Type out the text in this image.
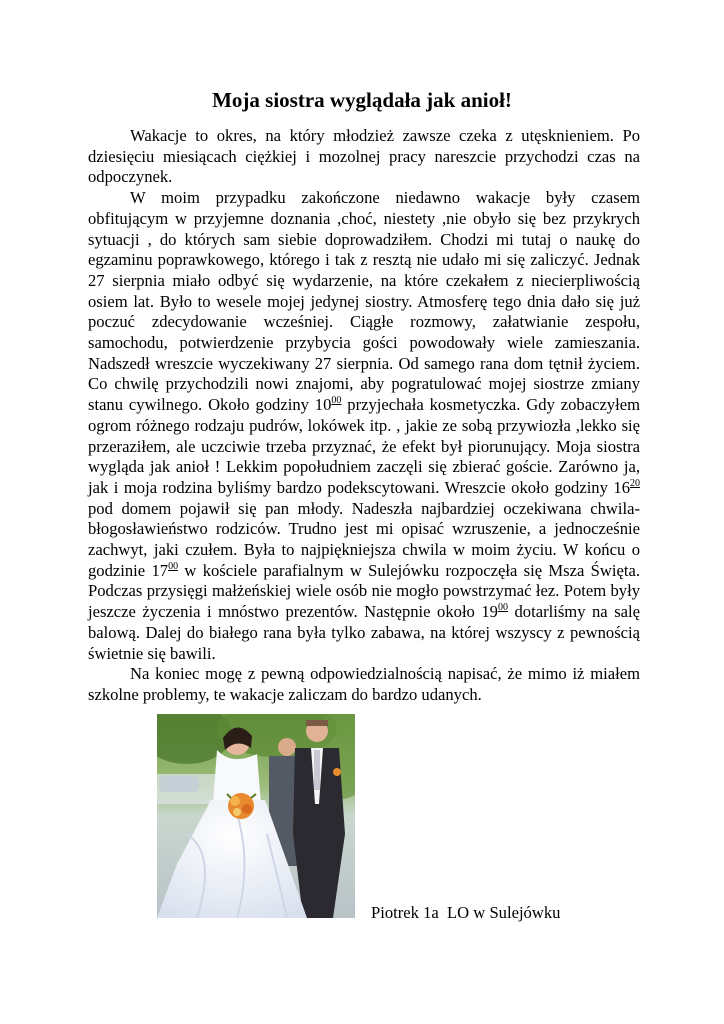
Moja siostra wyglądała jak anioł!

Wakacje to okres, na który młodzież zawsze czeka z utęsknieniem. Po dziesięciu miesiącach ciężkiej i mozolnej pracy nareszcie przychodzi czas na odpoczynek.

W moim przypadku zakończone niedawno wakacje były czasem obfitującym w przyjemne doznania ,choć, niestety ,nie obyło się bez przykrych sytuacji , do których sam siebie doprowadziłem. Chodzi mi tutaj o naukę do egzaminu poprawkowego, którego i tak z resztą nie udało mi się zaliczyć. Jednak 27 sierpnia miało odbyć się wydarzenie, na które czekałem z niecierpliwością osiem lat. Było to wesele mojej jedynej siostry. Atmosferę tego dnia dało się już poczuć zdecydowanie wcześniej. Ciągłe rozmowy, załatwianie zespołu, samochodu, potwierdzenie przybycia gości powodowały wiele zamieszania. Nadszedł wreszcie wyczekiwany 27 sierpnia. Od samego rana dom tętnił życiem. Co chwilę przychodzili nowi znajomi, aby pogratulować mojej siostrze zmiany stanu cywilnego. Około godziny $10^{00}$ przyjechała kosmetyczka. Gdy zobaczyłem ogrom różnego rodzaju pudrów, lokówek itp. , jakie ze sobą przywiozła ,lekko się przeraziłem, ale uczciwie trzeba przyznać, że efekt był piorunujący. Moja siostra wygląda jak anioł ! Lekkim popołudniem zaczęli się zbierać goście. Zarówno ja, jak i moja rodzina byliśmy bardzo podekscytowani. Wreszcie około godziny $16^{20}$ pod domem pojawił się pan młody. Nadeszła najbardziej oczekiwana chwila-błogosławieństwo rodziców. Trudno jest mi opisać wzruszenie, a jednocześnie zachwyt, jaki czułem. Była to najpiękniejsza chwila w moim życiu. W końcu o godzinie $17^{00}$ w kościele parafialnym w Sulejówku rozpoczęła się Msza Święta. Podczas przysięgi małżeńskiej wiele osób nie mogło powstrzymać łez. Potem były jeszcze życzenia i mnóstwo prezentów. Następnie około $19^{00}$ dotarliśmy na salę balową. Dalej do białego rana była tylko zabawa, na której wszyscy z pewnością świetnie się bawili.

Na koniec mogę z pewną odpowiedzialnością napisać, że mimo iż miałem szkolne problemy, te wakacje zaliczam do bardzo udanych.

Piotrek 1a  LO w Sulejówku
